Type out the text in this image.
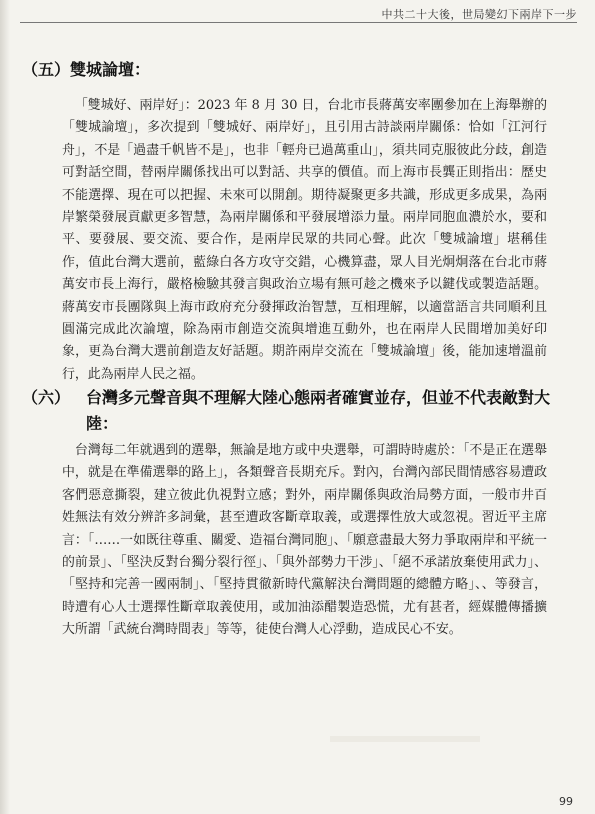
中共二十大後，世局變幻下兩岸下一步
（五）雙城論壇：

「雙城好、兩岸好」：2023 年 8 月 30 日，台北市長蔣萬安率團參加在上海舉辦的「雙城論壇」，多次提到「雙城好、兩岸好」，且引用古詩談兩岸關係：恰如「江河行舟」，不是「過盡千帆皆不是」，也非「輕舟已過萬重山」，須共同克服彼此分歧，創造可對話空間，替兩岸關係找出可以對話、共享的價值。而上海市長龔正則指出：歷史不能選擇、現在可以把握、未來可以開創。期待凝聚更多共識，形成更多成果，為兩岸繁榮發展貢獻更多智慧，為兩岸關係和平發展增添力量。兩岸同胞血濃於水，要和平、要發展、要交流、要合作，是兩岸民眾的共同心聲。此次「雙城論壇」堪稱佳作，值此台灣大選前，藍綠白各方攻守交錯，心機算盡，眾人目光炯炯落在台北市蔣萬安市長上海行，嚴格檢驗其發言與政治立場有無可趁之機來予以鍵伐或製造話題。蔣萬安市長團隊與上海市政府充分發揮政治智慧，互相理解，以適當語言共同順利且圓滿完成此次論壇，除為兩市創造交流與增進互動外，也在兩岸人民間增加美好印象，更為台灣大選前創造友好話題。期許兩岸交流在「雙城論壇」後，能加速增溫前行，此為兩岸人民之福。

（六） 台灣多元聲音與不理解大陸心態兩者確實並存，但並不代表敵對大陸：

台灣每二年就遇到的選舉，無論是地方或中央選舉，可謂時時處於：「不是正在選舉中，就是在準備選舉的路上」，各類聲音長期充斥。對內，台灣內部民間情感容易遭政客們惡意撕裂，建立彼此仇視對立感；對外，兩岸關係與政治局勢方面，一般市井百姓無法有效分辨許多詞彙，甚至遭政客斷章取義，或選擇性放大或忽視。習近平主席言：「……一如既往尊重、關愛、造福台灣同胞」、「願意盡最大努力爭取兩岸和平統一的前景」、「堅決反對台獨分裂行徑」、「與外部勢力干涉」、「絕不承諾放棄使用武力」、「堅持和完善一國兩制」、「堅持貫徹新時代黨解決台灣問題的總體方略」、、等發言，時遭有心人士選擇性斷章取義使用，或加油添醋製造恐慌，尤有甚者，經媒體傳播擴大所謂「武統台灣時間表」等等，徒使台灣人心浮動，造成民心不安。

99
